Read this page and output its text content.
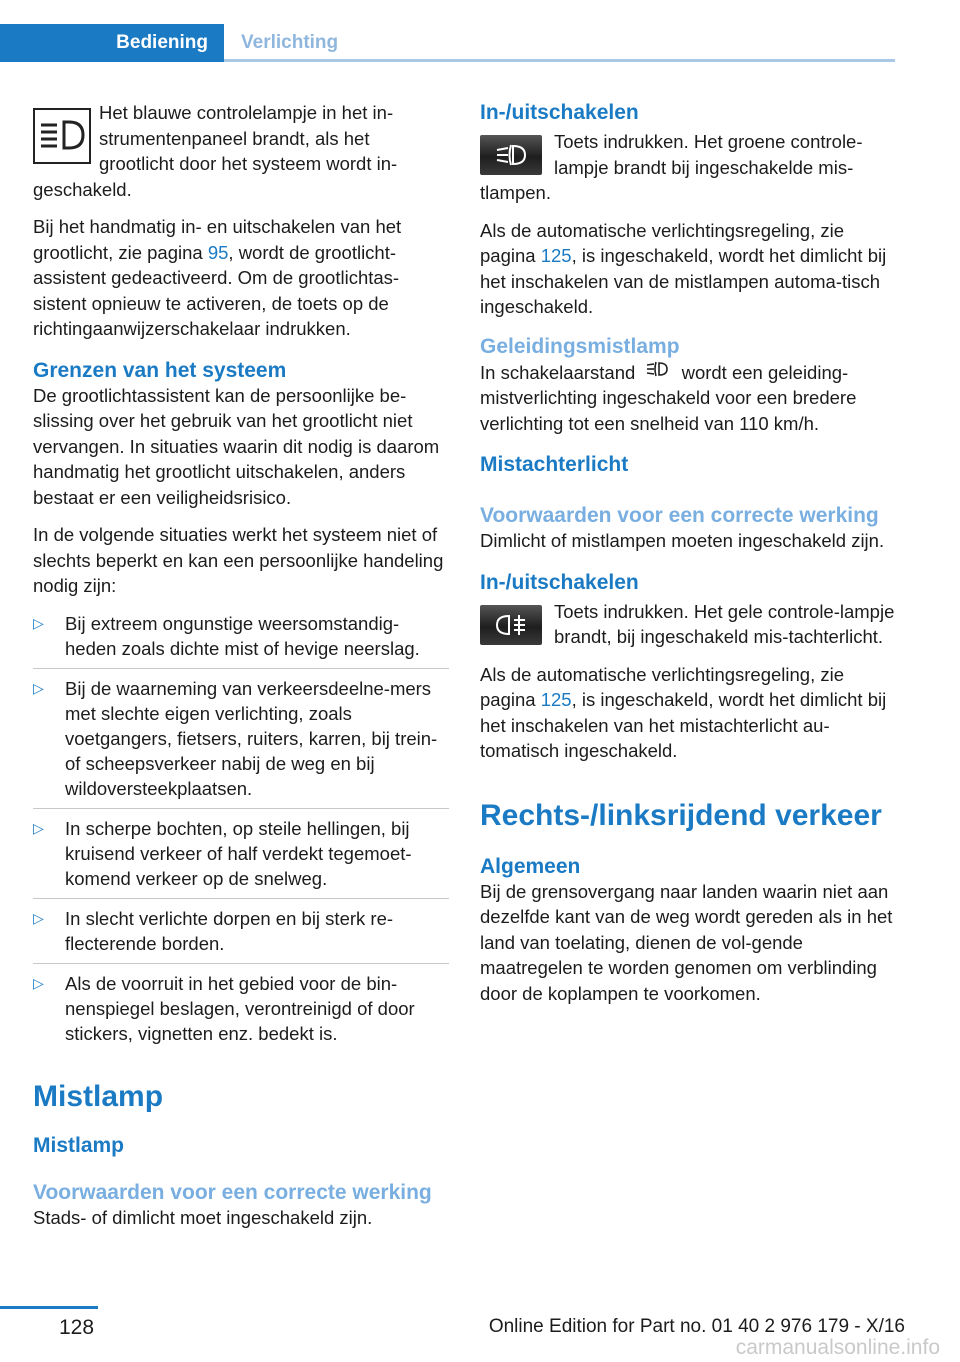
Bediening	Verlichting

Het blauwe controlelampje in het in-strumentenpaneel brandt, als het grootlicht door het systeem wordt in-geschakeld.

Bij het handmatig in- en uitschakelen van het grootlicht, zie pagina 95, wordt de grootlicht-assistent gedeactiveerd. Om de grootlichtas-sistent opnieuw te activeren, de toets op de richtingaanwijzerschakelaar indrukken.

Grenzen van het systeem

De grootlichtassistent kan de persoonlijke be-slissing over het gebruik van het grootlicht niet vervangen. In situaties waarin dit nodig is daarom handmatig het grootlicht uitschakelen, anders bestaat er een veiligheidsrisico.

In de volgende situaties werkt het systeem niet of slechts beperkt en kan een persoonlijke handeling nodig zijn:

▷ Bij extreem ongunstige weersomstandig-heden zoals dichte mist of hevige neerslag.
▷ Bij de waarneming van verkeersdeelne-mers met slechte eigen verlichting, zoals voetgangers, fietsers, ruiters, karren, bij trein- of scheepsverkeer nabij de weg en bij wildoversteekplaatsen.
▷ In scherpe bochten, op steile hellingen, bij kruisend verkeer of half verdekt tegemoet-komend verkeer op de snelweg.
▷ In slecht verlichte dorpen en bij sterk re-flecterende borden.
▷ Als de voorruit in het gebied voor de bin-nenspiegel beslagen, verontreinigd of door stickers, vignetten enz. bedekt is.
Mistlamp
Mistlamp
Voorwaarden voor een correcte werking

Stads- of dimlicht moet ingeschakeld zijn.

In-/uitschakelen

Toets indrukken. Het groene controle-lampje brandt bij ingeschakelde mis-tlampen.

Als de automatische verlichtingsregeling, zie pagina 125, is ingeschakeld, wordt het dimlicht bij het inschakelen van de mistlampen automa-tisch ingeschakeld.

Geleidingsmistlamp

In schakelaarstand	wordt een geleiding-mistverlichting ingeschakeld voor een bredere verlichting tot een snelheid van 110 km/h.

Mistachterlicht
Voorwaarden voor een correcte werking

Dimlicht of mistlampen moeten ingeschakeld zijn.

In-/uitschakelen

Toets indrukken. Het gele controle-lampje brandt, bij ingeschakeld mis-tachterlicht.

Als de automatische verlichtingsregeling, zie pagina 125, is ingeschakeld, wordt het dimlicht bij het inschakelen van het mistachterlicht au-tomatisch ingeschakeld.

Rechts-/linksrijdend verkeer
Algemeen

Bij de grensovergang naar landen waarin niet aan dezelfde kant van de weg wordt gereden als in het land van toelating, dienen de vol-gende maatregelen te worden genomen om verblinding door de koplampen te voorkomen.

128	Online Edition for Part no. 01 40 2 976 179 - X/16
carmanualsonline.info
